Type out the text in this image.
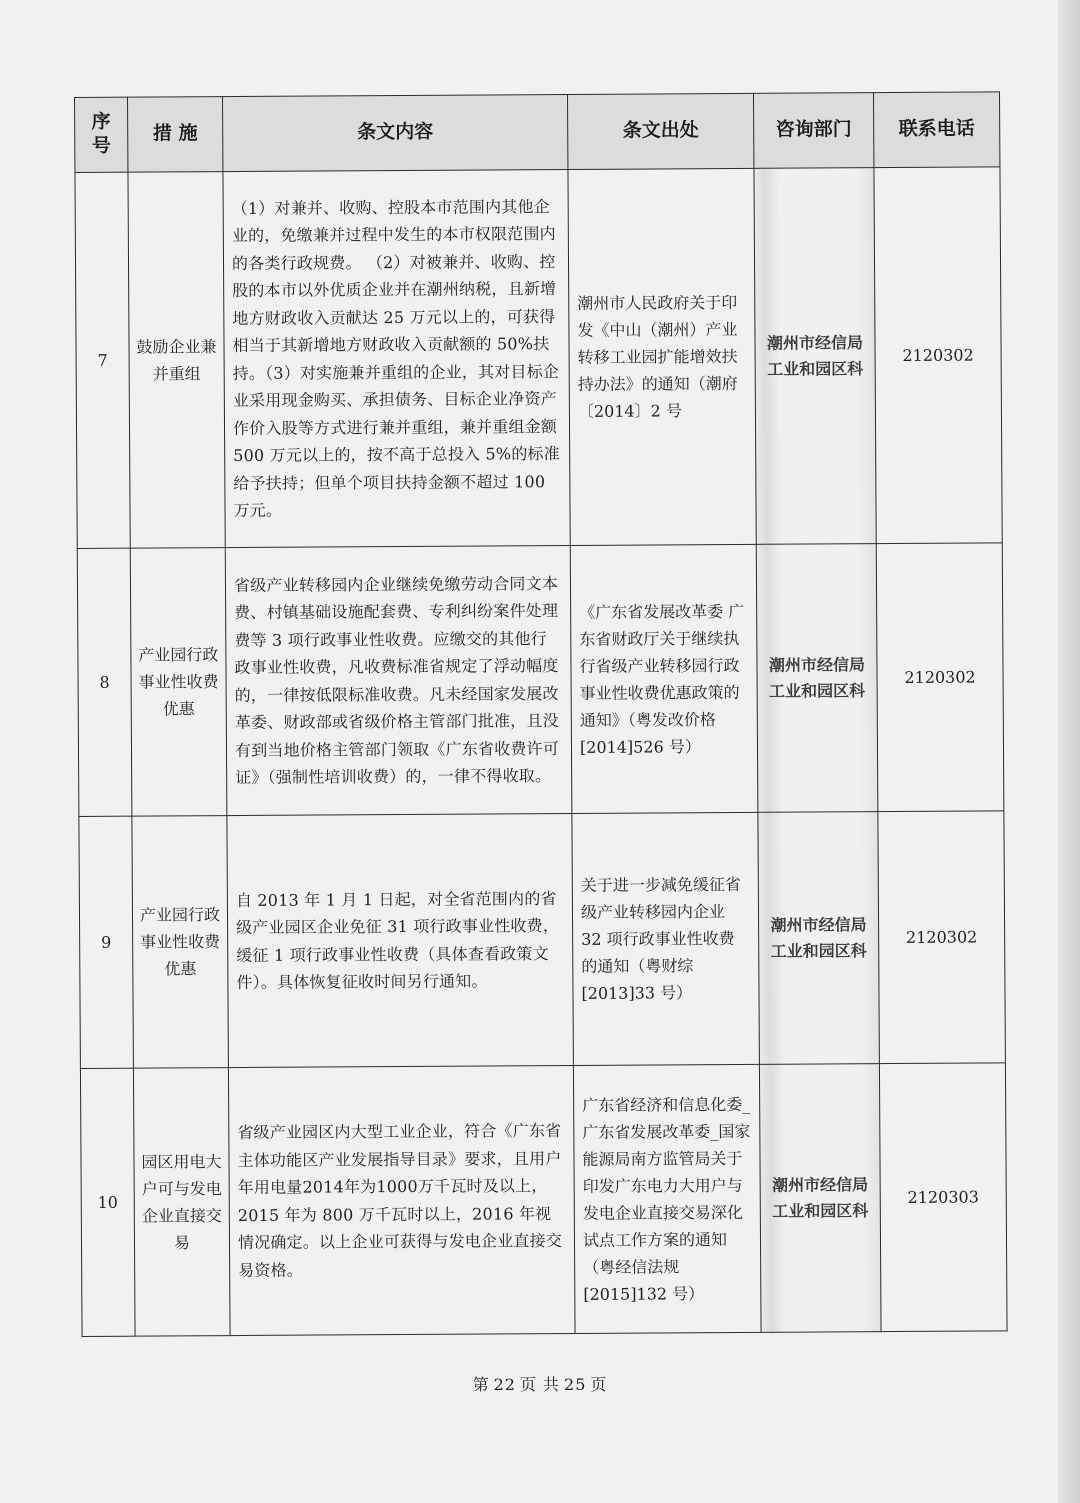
序号	措 施	条文内容	条文出处	咨询部门	联系电话
7	鼓励企业兼并重组	（1）对兼并、收购、控股本市范围内其他企业的，免缴兼并过程中发生的本市权限范围内的各类行政规费。 （2）对被兼并、收购、控股的本市以外优质企业并在潮州纳税，且新增地方财政收入贡献达 25 万元以上的，可获得相当于其新增地方财政收入贡献额的 50%扶持。（3）对实施兼并重组的企业，其对目标企业采用现金购买、承担债务、目标企业净资产作价入股等方式进行兼并重组，兼并重组金额 500 万元以上的，按不高于总投入 5%的标准给予扶持；但单个项目扶持金额不超过 100 万元。	潮州市人民政府关于印发《中山（潮州）产业转移工业园扩能增效扶持办法》的通知（潮府〔2014〕2 号	潮州市经信局 工业和园区科	2120302
8	产业园行政事业性收费优惠	省级产业转移园内企业继续免缴劳动合同文本费、村镇基础设施配套费、专利纠纷案件处理费等 3 项行政事业性收费。应缴交的其他行政事业性收费，凡收费标准省规定了浮动幅度的，一律按低限标准收费。凡未经国家发展改革委、财政部或省级价格主管部门批准，且没有到当地价格主管部门领取《广东省收费许可证》（强制性培训收费）的，一律不得收取。	《广东省发展改革委 广东省财政厅关于继续执行省级产业转移园行政事业性收费优惠政策的通知》（粤发改价格[2014]526 号）	潮州市经信局 工业和园区科	2120302
9	产业园行政事业性收费优惠	自 2013 年 1 月 1 日起，对全省范围内的省级产业园区企业免征 31 项行政事业性收费，缓征 1 项行政事业性收费（具体查看政策文件）。具体恢复征收时间另行通知。	关于进一步减免缓征省级产业转移园内企业 32 项行政事业性收费的通知（粤财综[2013]33 号）	潮州市经信局 工业和园区科	2120302
10	园区用电大户可与发电企业直接交易	省级产业园区内大型工业企业，符合《广东省主体功能区产业发展指导目录》要求，且用户年用电量2014年为1000万千瓦时及以上，2015 年为 800 万千瓦时以上，2016 年视情况确定。以上企业可获得与发电企业直接交易资格。	广东省经济和信息化委_广东省发展改革委_国家能源局南方监管局关于印发广东电力大用户与发电企业直接交易深化试点工作方案的通知（粤经信法规[2015]132 号）	潮州市经信局 工业和园区科	2120303
第 22 页 共 25 页
